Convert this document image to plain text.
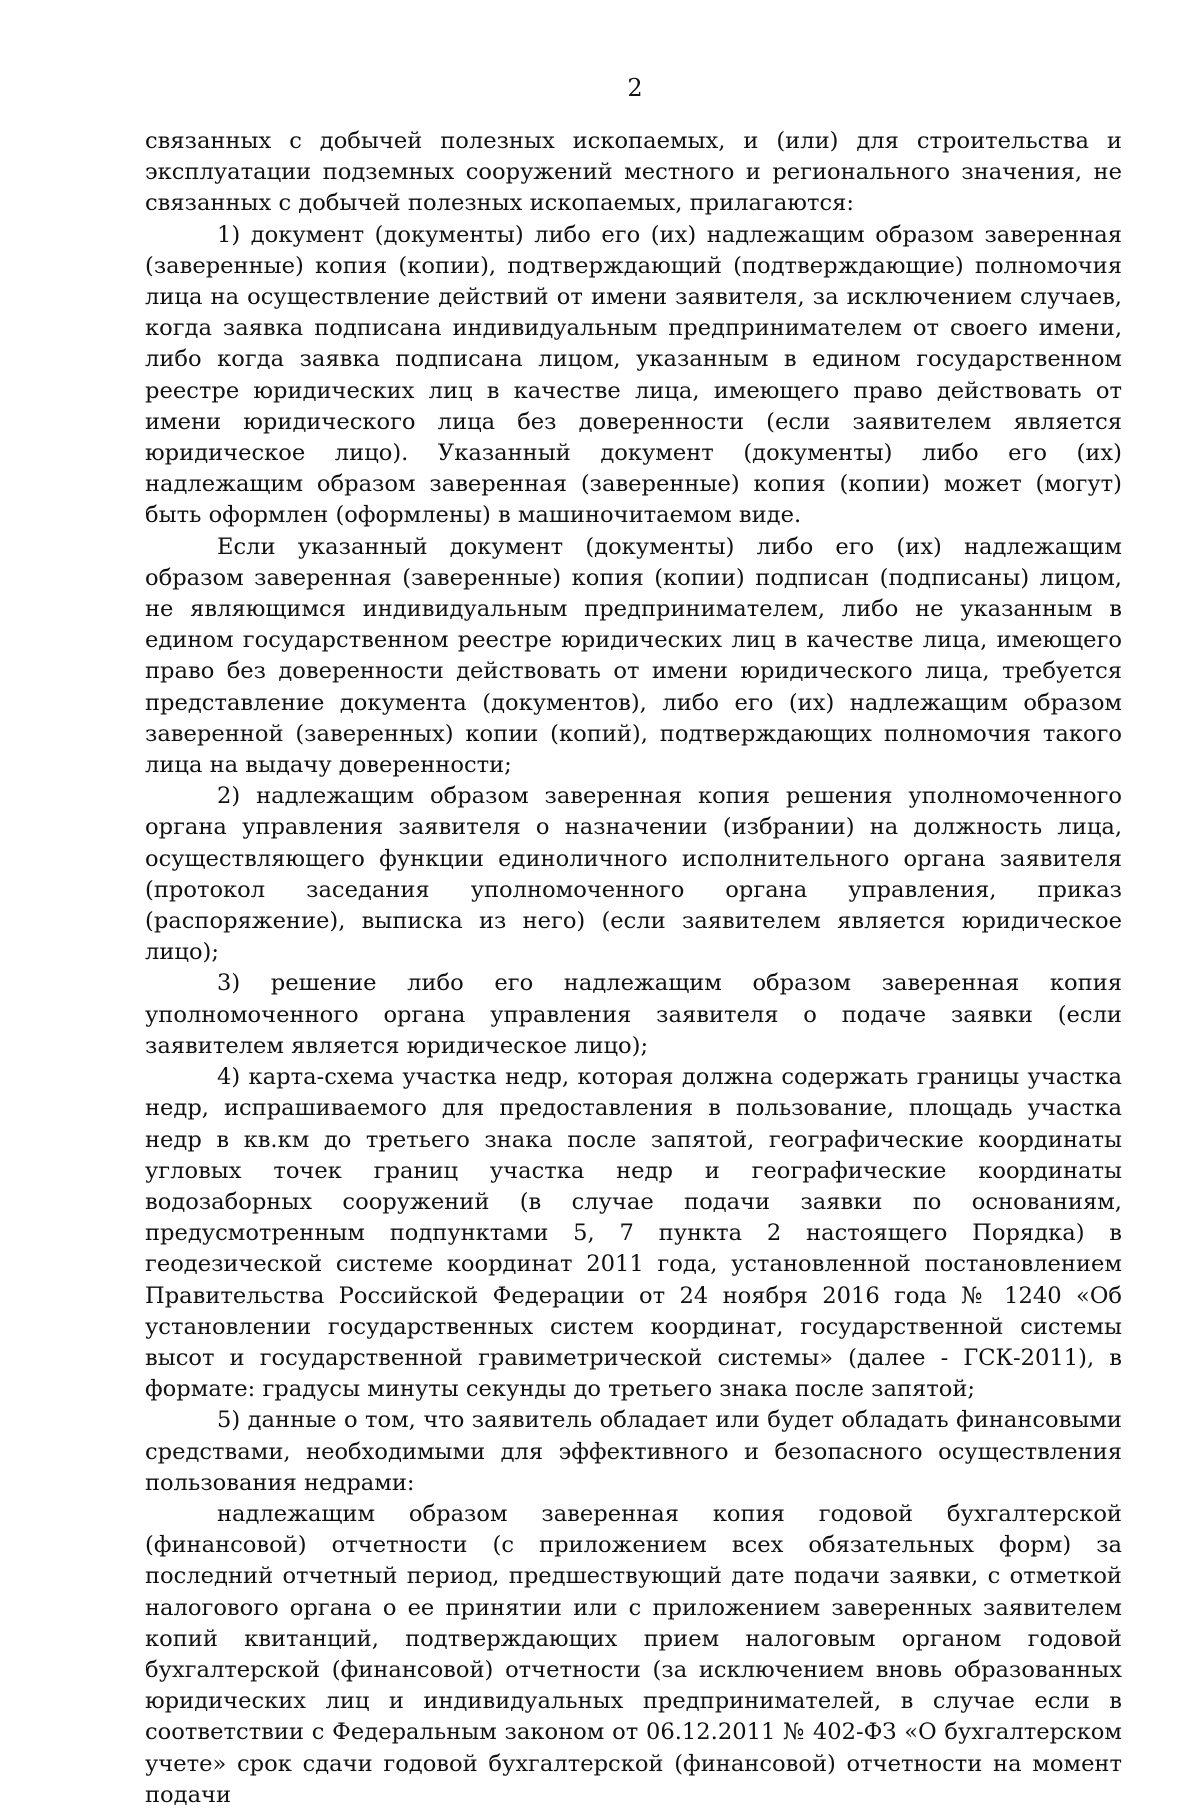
2

связанных с добычей полезных ископаемых, и (или) для строительства и эксплуатации подземных сооружений местного и регионального значения, не связанных с добычей полезных ископаемых, прилагаются:

1) документ (документы) либо его (их) надлежащим образом заверенная (заверенные) копия (копии), подтверждающий (подтверждающие) полномочия лица на осуществление действий от имени заявителя, за исключением случаев, когда заявка подписана индивидуальным предпринимателем от своего имени, либо когда заявка подписана лицом, указанным в едином государственном реестре юридических лиц в качестве лица, имеющего право действовать от имени юридического лица без доверенности (если заявителем является юридическое лицо). Указанный документ (документы) либо его (их) надлежащим образом заверенная (заверенные) копия (копии) может (могут) быть оформлен (оформлены) в машиночитаемом виде.

Если указанный документ (документы) либо его (их) надлежащим образом заверенная (заверенные) копия (копии) подписан (подписаны) лицом, не являющимся индивидуальным предпринимателем, либо не указанным в едином государственном реестре юридических лиц в качестве лица, имеющего право без доверенности действовать от имени юридического лица, требуется представление документа (документов), либо его (их) надлежащим образом заверенной (заверенных) копии (копий), подтверждающих полномочия такого лица на выдачу доверенности;

2) надлежащим образом заверенная копия решения уполномоченного органа управления заявителя о назначении (избрании) на должность лица, осуществляющего функции единоличного исполнительного органа заявителя (протокол заседания уполномоченного органа управления, приказ (распоряжение), выписка из него) (если заявителем является юридическое лицо);

3) решение либо его надлежащим образом заверенная копия уполномоченного органа управления заявителя о подаче заявки (если заявителем является юридическое лицо);

4) карта-схема участка недр, которая должна содержать границы участка недр, испрашиваемого для предоставления в пользование, площадь участка недр в кв.км до третьего знака после запятой, географические координаты угловых точек границ участка недр и географические координаты водозаборных сооружений (в случае подачи заявки по основаниям, предусмотренным подпунктами 5, 7 пункта 2 настоящего Порядка) в геодезической системе координат 2011 года, установленной постановлением Правительства Российской Федерации от 24 ноября 2016 года № 1240 «Об установлении государственных систем координат, государственной системы высот и государственной гравиметрической системы» (далее - ГСК-2011), в формате: градусы минуты секунды до третьего знака после запятой;

5) данные о том, что заявитель обладает или будет обладать финансовыми средствами, необходимыми для эффективного и безопасного осуществления пользования недрами:

надлежащим образом заверенная копия годовой бухгалтерской (финансовой) отчетности (с приложением всех обязательных форм) за последний отчетный период, предшествующий дате подачи заявки, с отметкой налогового органа о ее принятии или с приложением заверенных заявителем копий квитанций, подтверждающих прием налоговым органом годовой бухгалтерской (финансовой) отчетности (за исключением вновь образованных юридических лиц и индивидуальных предпринимателей, в случае если в соответствии с Федеральным законом от 06.12.2011 № 402-ФЗ «О бухгалтерском учете» срок сдачи годовой бухгалтерской (финансовой) отчетности на момент подачи
